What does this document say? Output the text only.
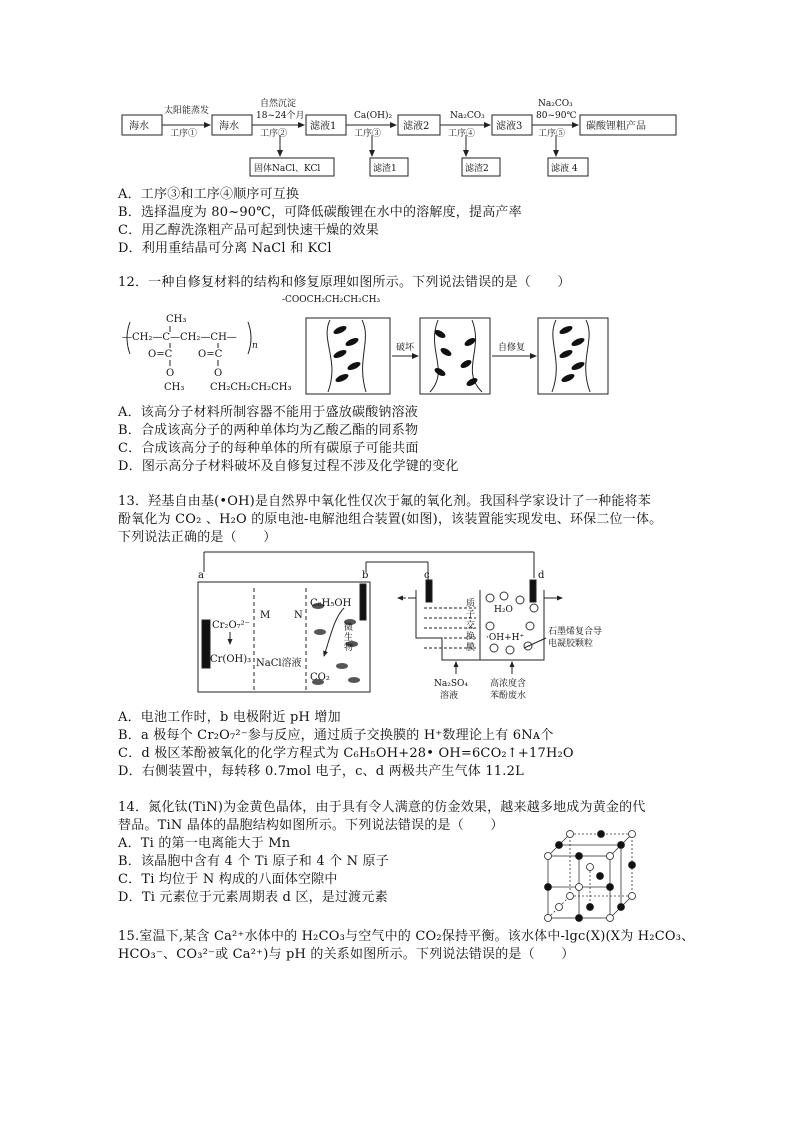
海水	海水	滤液1	滤液2	滤液3	碳酸锂粗产品
太阳能蒸发
自然沉淀
18~24个月	Ca(OH)₂	Na₂CO₃
Na₂CO₃
80~90℃
工序①	工序②	工序③	工序④	工序⑤
固体NaCl、KCl	滤渣1	滤渣2	滤液 4
A．工序③和工序④顺序可互换
B．选择温度为 80~90℃，可降低碳酸锂在水中的溶解度，提高产率
C．用乙醇洗涤粗产品可起到快速干燥的效果
D．利用重结晶可分离 NaCl 和 KCl
12．一种自修复材料的结构和修复原理如图所示。下列说法错误的是（　　）
CH₃
—CH₂—C—CH₂—CH—
n
O=C	O=C
O	O
CH₃	CH₂CH₂CH₂CH₃
-COOCH₂CH₂CH₂CH₃
破坏	自修复
A．该高分子材料所制容器不能用于盛放碳酸钠溶液
B．合成该高分子的两种单体均为乙酸乙酯的同系物
C．合成该高分子的每种单体的所有碳原子可能共面
D．图示高分子材料破坏及自修复过程不涉及化学键的变化
13．羟基自由基(•OH)是自然界中氧化性仅次于氟的氧化剂。我国科学家设计了一种能将苯
酚氧化为 CO₂ 、H₂O 的原电池-电解池组合装置(如图)，该装置能实现发电、环保二位一体。
下列说法正确的是（　　）
a	b	c	d
Cr₂O₇²⁻
Cr(OH)₃
M N
C₆H₅OH
NaCl溶液
CO₂
微
生
物
质
子
交
换
膜
H₂O
·OH+H⁺
石墨烯复合导
电凝胶颗粒
Na₂SO₄
溶液
高浓度含
苯酚废水
A．电池工作时，b 电极附近 pH 增加
B．a 极每个 Cr₂O₇²⁻参与反应，通过质子交换膜的 H⁺数理论上有 6Nᴀ个
C．d 极区苯酚被氧化的化学方程式为 C₆H₅OH+28• OH=6CO₂↑+17H₂O
D．右侧装置中，每转移 0.7mol 电子，c、d 两极共产生气体 11.2L
14．氮化钛(TiN)为金黄色晶体，由于具有令人满意的仿金效果，越来越多地成为黄金的代
替品。TiN 晶体的晶胞结构如图所示。下列说法错误的是（　　）
A．Ti 的第一电离能大于 Mn
B．该晶胞中含有 4 个 Ti 原子和 4 个 N 原子
C．Ti 均位于 N 构成的八面体空隙中
D．Ti 元素位于元素周期表 d 区，是过渡元素
15.室温下,某含 Ca²⁺水体中的 H₂CO₃与空气中的 CO₂保持平衡。该水体中-lgc(X)(X为 H₂CO₃、
HCO₃⁻、CO₃²⁻或 Ca²⁺)与 pH 的关系如图所示。下列说法错误的是（　　）
